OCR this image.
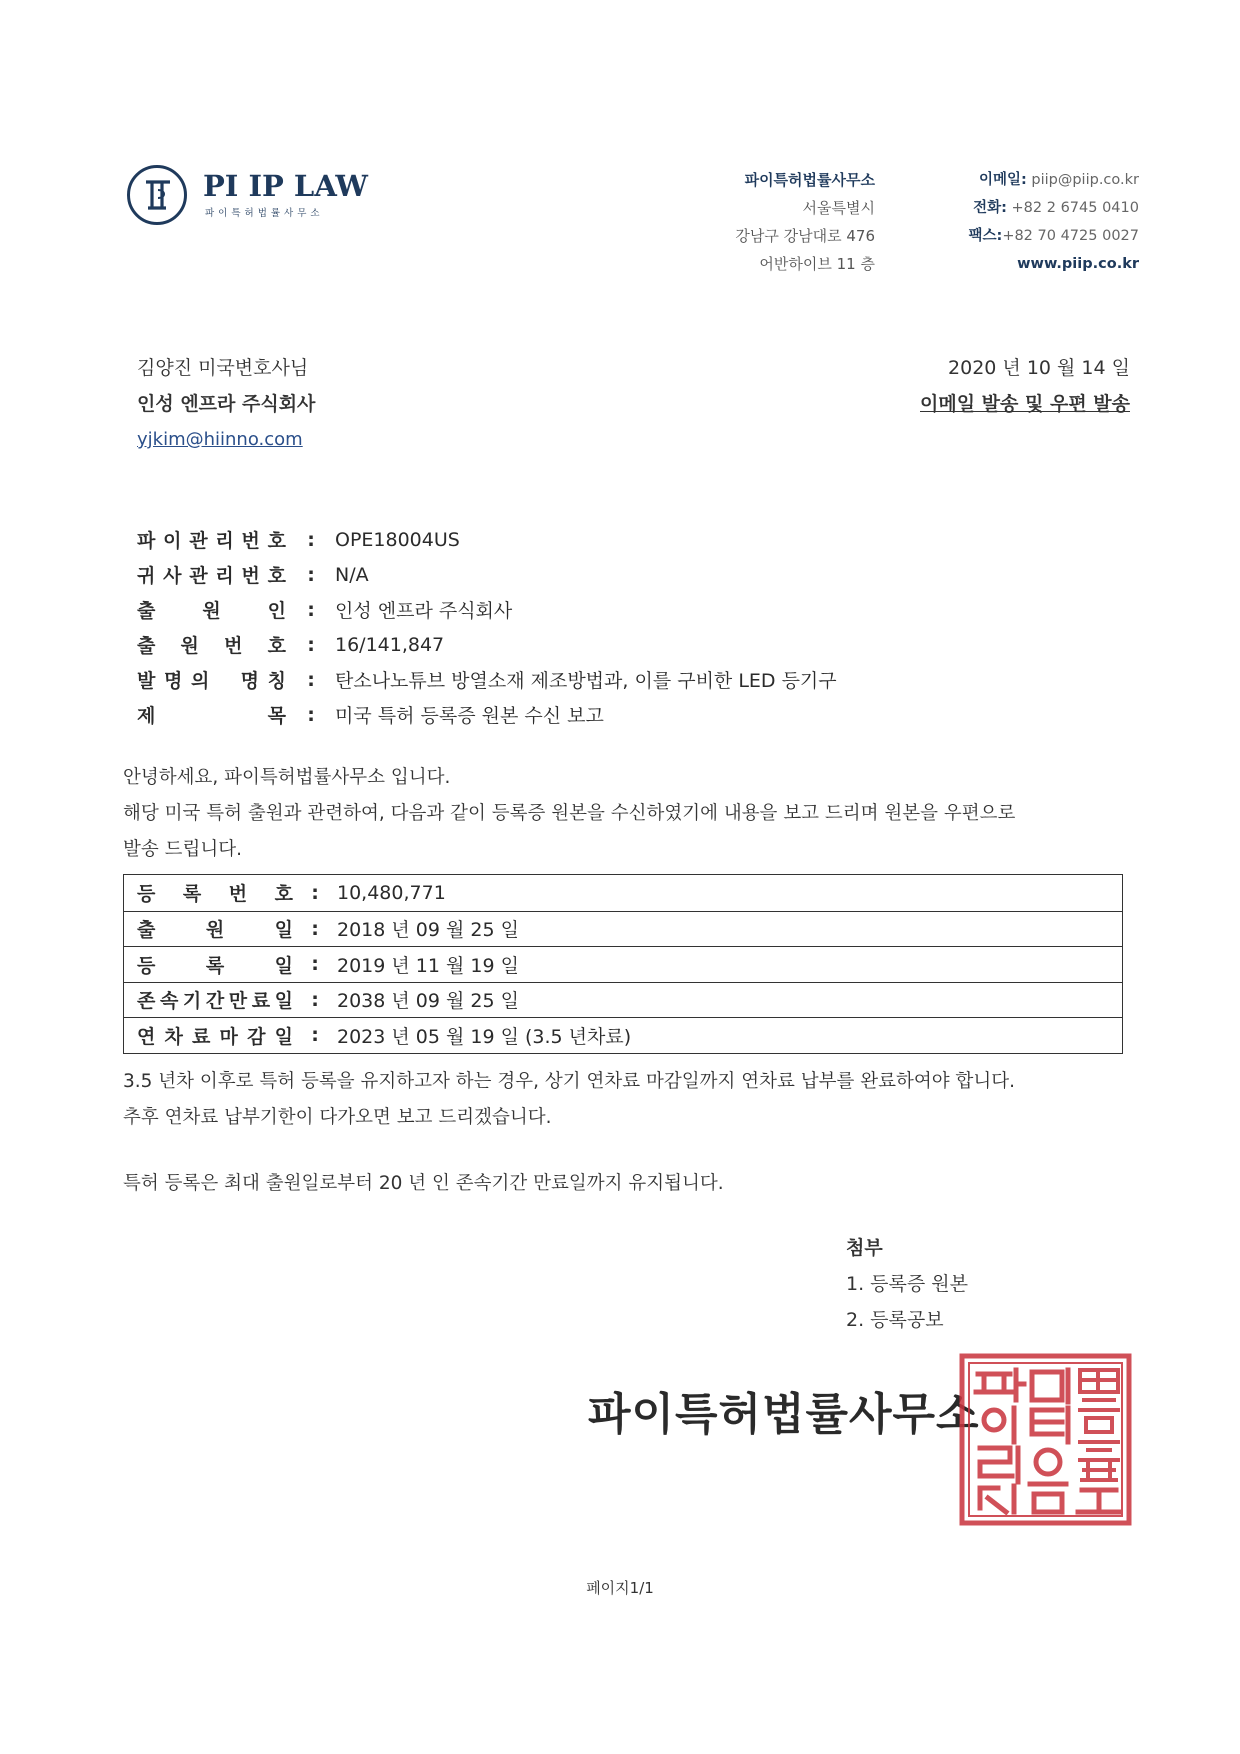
PI IP LAW
파이특허법률사무소
파이특허법률사무소
서울특별시
강남구 강남대로 476
어반하이브 11 층
이메일: piip@piip.co.kr
전화: +82 2 6745 0410
팩스:+82 70 4725 0027
www.piip.co.kr
김양진 미국변호사님
인성 엔프라 주식회사
yjkim@hiinno.com
2020 년 10 월 14 일
이메일 발송 및 우편 발송
파 이 관 리 번 호	:	OPE18004US
귀 사 관 리 번 호	:	N/A
출 원 인	:	인성 엔프라 주식회사
출 원 번 호	:	16/141,847
발 명 의 명 칭	:	탄소나노튜브 방열소재 제조방법과, 이를 구비한 LED 등기구
제	목	:	미국 특허 등록증 원본 수신 보고
안녕하세요, 파이특허법률사무소 입니다.
해당 미국 특허 출원과 관련하여, 다음과 같이 등록증 원본을 수신하였기에 내용을 보고 드리며 원본을 우편으로
발송 드립니다.
등 록 번 호 : 10,480,771
출	원	일 : 2018 년 09 월 25 일
등	록	일 : 2019 년 11 월 19 일
존 속 기 간 만 료 일 : 2038 년 09 월 25 일
연 차 료 마 감 일 : 2023 년 05 월 19 일 (3.5 년차료)
3.5 년차 이후로 특허 등록을 유지하고자 하는 경우, 상기 연차료 마감일까지 연차료 납부를 완료하여야 합니다.
추후 연차료 납부기한이 다가오면 보고 드리겠습니다.
특허 등록은 최대 출원일로부터 20 년 인 존속기간 만료일까지 유지됩니다.
첨부
1. 등록증 원본
2. 등록공보
파이특허법률사무소
페이지1/1
